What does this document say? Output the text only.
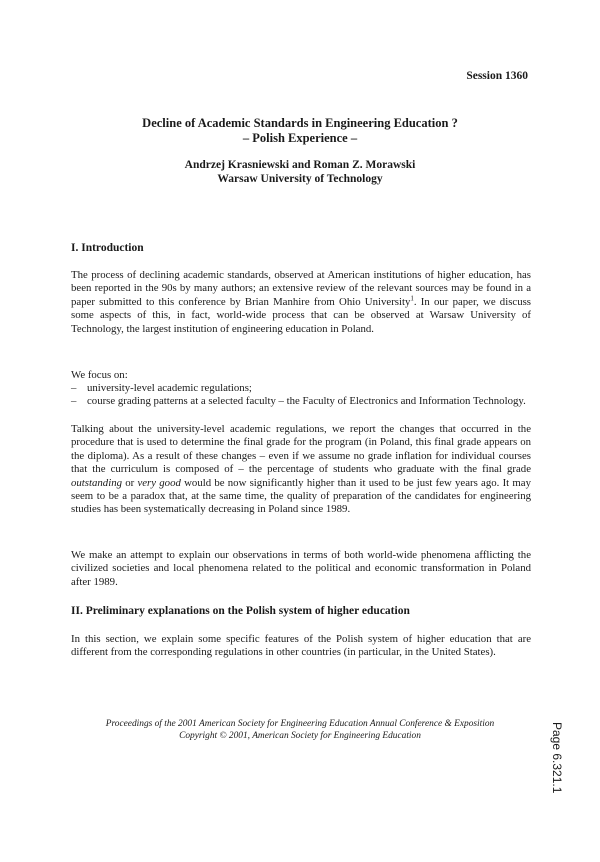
Session 1360
Decline of Academic Standards in Engineering Education ?
– Polish Experience –
Andrzej Krasniewski and Roman Z. Morawski
Warsaw University of Technology
I. Introduction

The process of declining academic standards, observed at American institutions of higher education, has been reported in the 90s by many authors; an extensive review of the relevant sources may be found in a paper submitted to this conference by Brian Manhire from Ohio University$^1$. In our paper, we discuss some aspects of this, in fact, world-wide process that can be observed at Warsaw University of Technology, the largest institution of engineering education in Poland.

We focus on:
– university-level academic regulations;
– course grading patterns at a selected faculty – the Faculty of Electronics and Information Technology.

Talking about the university-level academic regulations, we report the changes that occurred in the procedure that is used to determine the final grade for the program (in Poland, this final grade appears on the diploma). As a result of these changes – even if we assume no grade inflation for individual courses that the curriculum is composed of – the percentage of students who graduate with the final grade outstanding or very good would be now significantly higher than it used to be just few years ago. It may seem to be a paradox that, at the same time, the quality of preparation of the candidates for engineering studies has been systematically decreasing in Poland since 1989.

We make an attempt to explain our observations in terms of both world-wide phenomena afflicting the civilized societies and local phenomena related to the political and economic transformation in Poland after 1989.

II. Preliminary explanations on the Polish system of higher education

In this section, we explain some specific features of the Polish system of higher education that are different from the corresponding regulations in other countries (in particular, in the United States).

Proceedings of the 2001 American Society for Engineering Education Annual Conference & Exposition
Copyright © 2001, American Society for Engineering Education	Page 6.321.1
